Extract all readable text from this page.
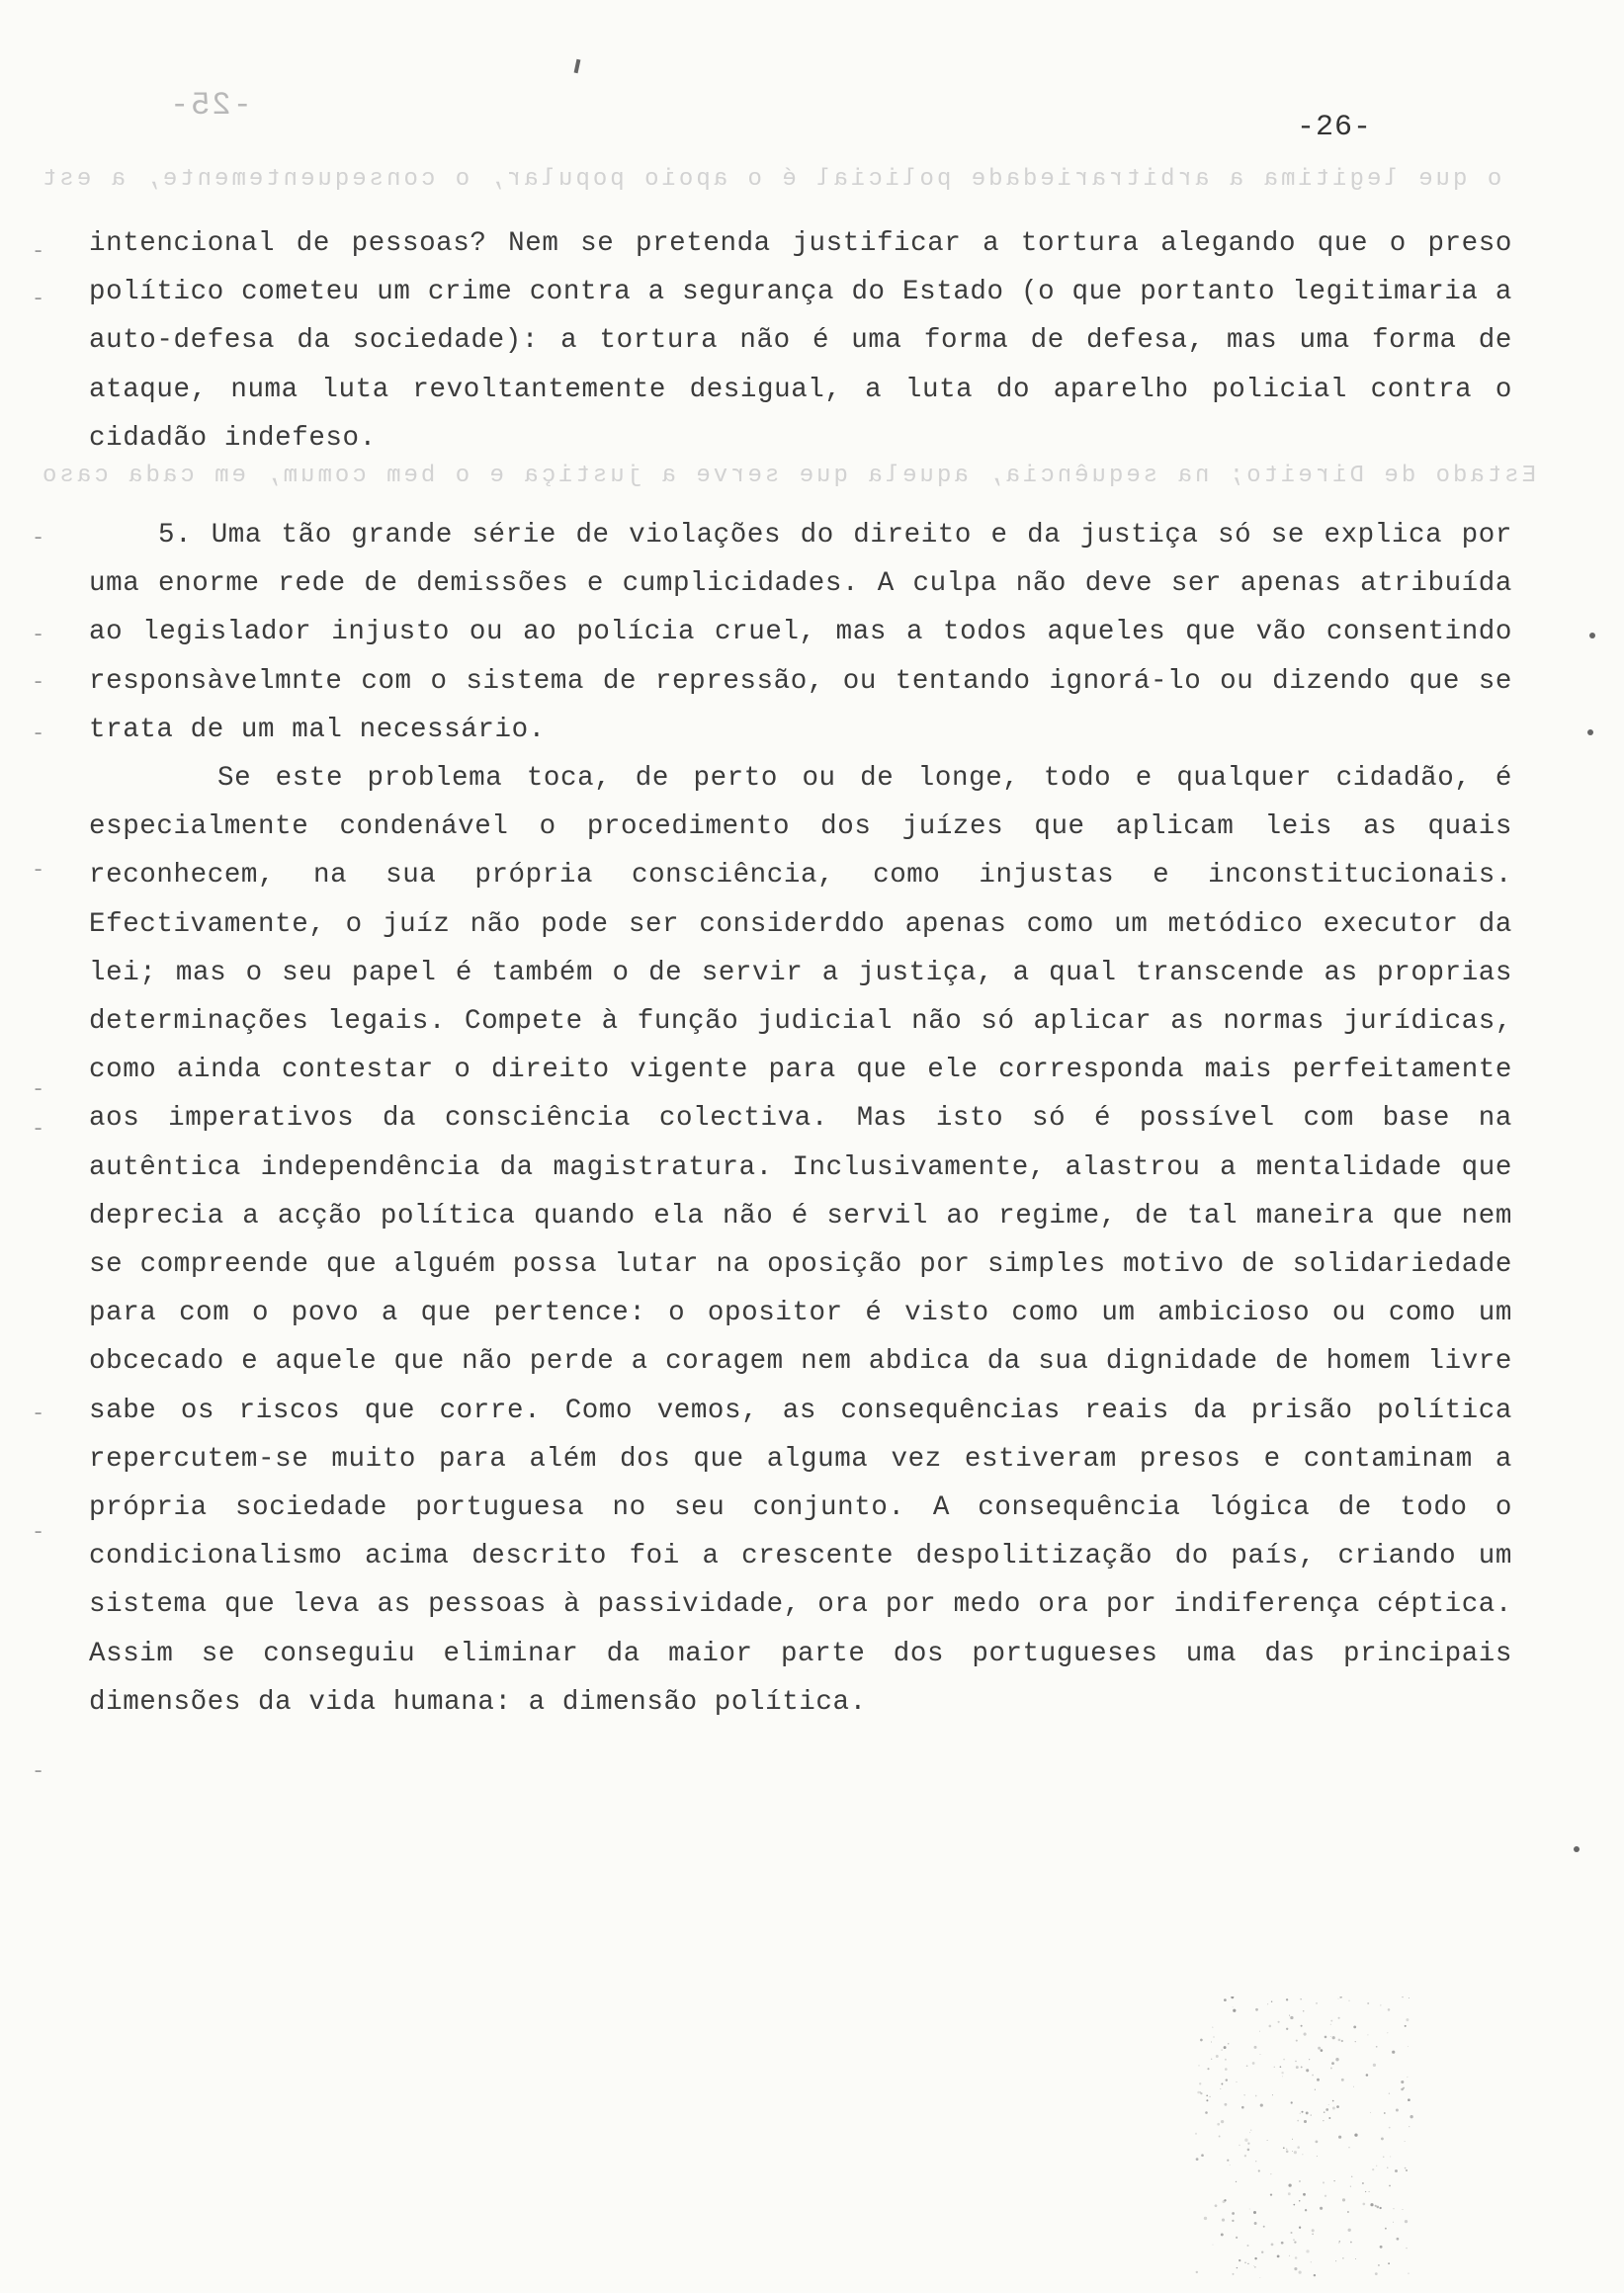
-25-
-26-
o que legitima a arbitrariedade policial é o apoio popular, o consequentemente, a est
Estado de Direito; na sequência, aquela que serve a justiça e o bem comum, em cada caso
-
-
-
-
-
-
-
-
-
-
-
-

intencional de pessoas? Nem se pretenda justificar a tortura alegando que o preso político cometeu um crime contra a segurança do Estado (o que portanto legitimaria a auto-defesa da sociedade): a tortura não é uma forma de defesa, mas uma forma de ataque, numa luta revoltantemente desigual, a luta do aparelho policial contra o cidadão indefeso.

5. Uma tão grande série de violações do direito e da justiça só se explica por uma enorme rede de demissões e cumplicidades. A culpa não deve ser apenas atribuída ao legislador injusto ou ao polícia cruel, mas a todos aqueles que vão consentindo responsàvelmnte com o sistema de repressão, ou tentando ignorá-lo ou dizendo que se trata de um mal necessário.

Se este problema toca, de perto ou de longe, todo e qualquer cidadão, é especialmente condenável o procedimento dos juízes que aplicam leis as quais reconhecem, na sua própria consciência, como injustas e inconstitucionais. Efectivamente, o juíz não pode ser considerddo apenas como um metódico executor da lei; mas o seu papel é também o de servir a justiça, a qual transcende as proprias determinações legais. Compete à função judicial não só aplicar as normas jurídicas, como ainda contestar o direito vigente para que ele corresponda mais perfeitamente aos imperativos da consciência colectiva. Mas isto só é possível com base na autêntica independência da magistratura. Inclusivamente, alastrou a mentalidade que deprecia a acção política quando ela não é servil ao regime, de tal maneira que nem se compreende que alguém possa lutar na oposição por simples motivo de solidariedade para com o povo a que pertence: o opositor é visto como um ambicioso ou como um obcecado e aquele que não perde a coragem nem abdica da sua dignidade de homem livre sabe os riscos que corre. Como vemos, as consequências reais da prisão política repercutem-se muito para além dos que alguma vez estiveram presos e contaminam a própria sociedade portuguesa no seu conjunto. A consequência lógica de todo o condicionalismo acima descrito foi a crescente despolitização do país, criando um sistema que leva as pessoas à passividade, ora por medo ora por indiferença céptica. Assim se conseguiu eliminar da maior parte dos portugueses uma das principais dimensões da vida humana: a dimensão política.
